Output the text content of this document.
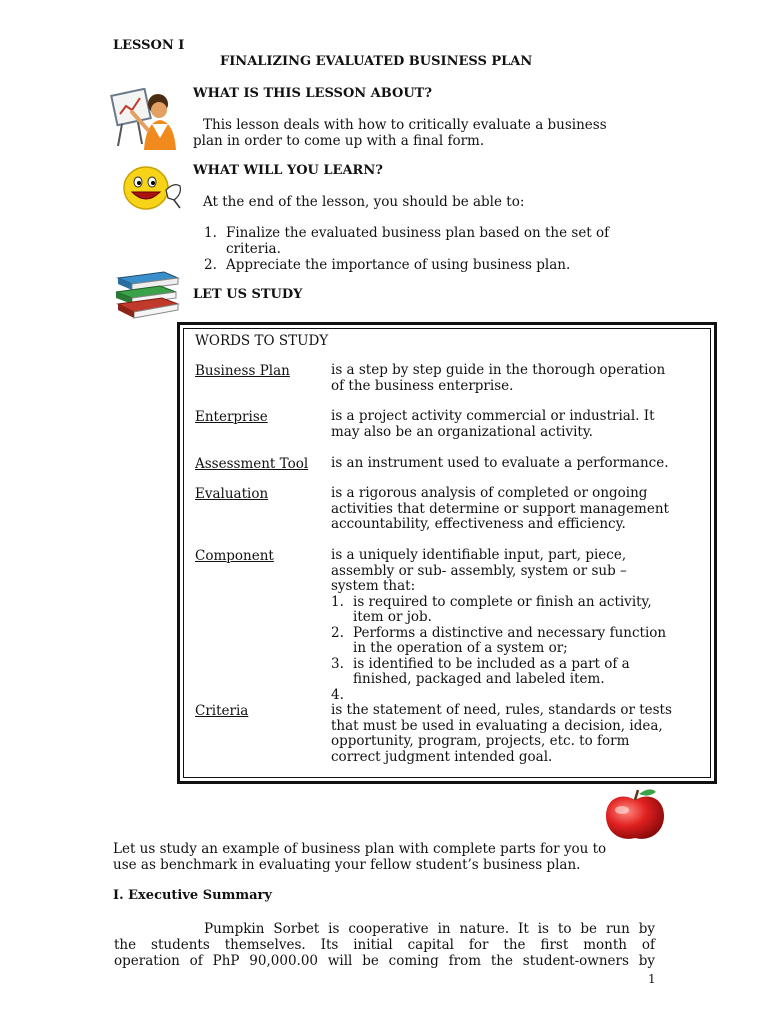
LESSON I
FINALIZING EVALUATED BUSINESS PLAN
WHAT IS THIS LESSON ABOUT?
This lesson deals with how to critically evaluate a business
plan in order to come up with a final form.
WHAT WILL YOU LEARN?
At the end of the lesson, you should be able to:
1. Finalize the evaluated business plan based on the set of
criteria.
2. Appreciate the importance of using business plan.
LET US STUDY
WORDS TO STUDY
Business Plan	is a step by step guide in the thorough operation
of the business enterprise.
Enterprise	is a project activity commercial or industrial. It
may also be an organizational activity.
Assessment Tool is an instrument used to evaluate a performance.
Evaluation	is a rigorous analysis of completed or ongoing
activities that determine or support management
accountability, effectiveness and efficiency.
Component	is a uniquely identifiable input, part, piece,
assembly or sub- assembly, system or sub –
system that:
1. is required to complete or finish an activity,
item or job.
2. Performs a distinctive and necessary function
in the operation of a system or;
3. is identified to be included as a part of a
finished, packaged and labeled item.
4.
Criteria	is the statement of need, rules, standards or tests
that must be used in evaluating a decision, idea,
opportunity, program, projects, etc. to form
correct judgment intended goal.
Let us study an example of business plan with complete parts for you to
use as benchmark in evaluating your fellow student’s business plan.
I. Executive Summary
Pumpkin Sorbet is cooperative in nature. It is to be run by
the students themselves. Its initial capital for the first month of
operation of PhP 90,000.00 will be coming from the student-owners by
1
